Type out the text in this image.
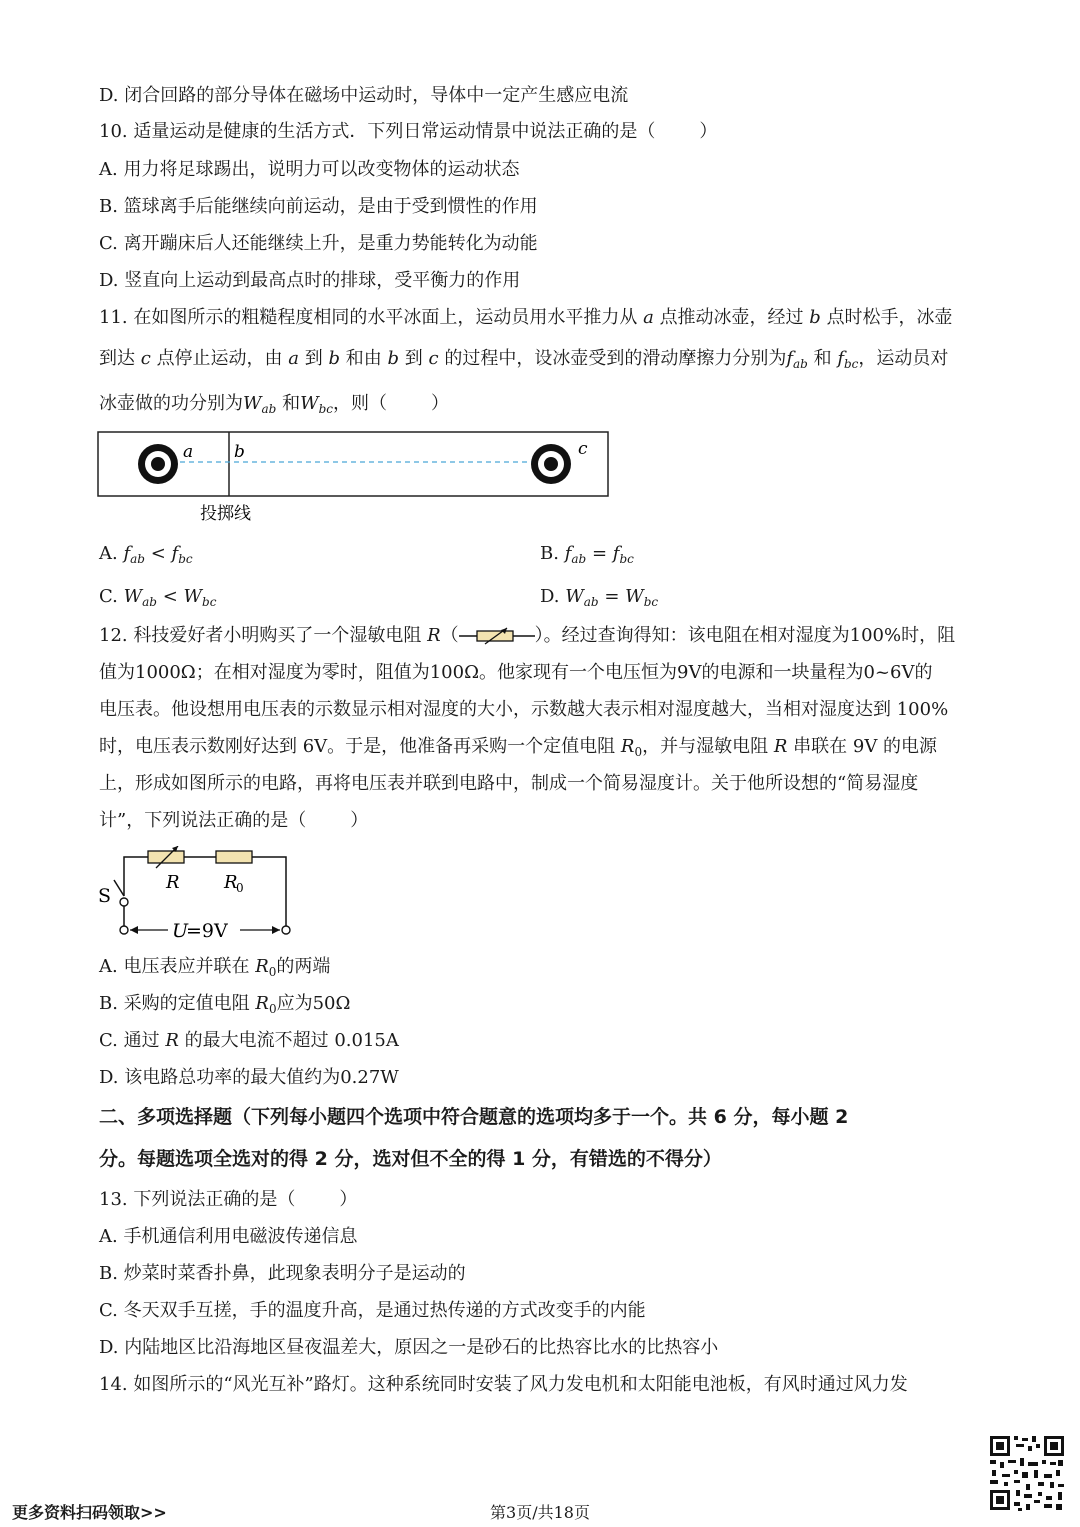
D. 闭合回路的部分导体在磁场中运动时，导体中一定产生感应电流
10. 适量运动是健康的生活方式．下列日常运动情景中说法正确的是（ ）
A. 用力将足球踢出，说明力可以改变物体的运动状态
B. 篮球离手后能继续向前运动，是由于受到惯性的作用
C. 离开蹦床后人还能继续上升，是重力势能转化为动能
D. 竖直向上运动到最高点时的排球，受平衡力的作用
11. 在如图所示的粗糙程度相同的水平冰面上，运动员用水平推力从 a 点推动冰壶，经过 b 点时松手，冰壶
到达 c 点停止运动，由 a 到 b 和由 b 到 c 的过程中，设冰壶受到的滑动摩擦力分别为$f_{ab}$ 和 $f_{bc}$，运动员对
冰壶做的功分别为$W_{ab}$ 和$W_{bc}$，则（ ）
a b	c
投掷线
A. $f_{ab} < f_{bc}$	B. $f_{ab} = f_{bc}$
C. $W_{ab} < W_{bc}$	D. $W_{ab} = W_{bc}$
12. 科技爱好者小明购买了一个湿敏电阻 R（	）。经过查询得知：该电阻在相对湿度为100%时，阻
值为1000Ω；在相对湿度为零时，阻值为100Ω。他家现有一个电压恒为9V的电源和一块量程为0~6V的
电压表。他设想用电压表的示数显示相对湿度的大小，示数越大表示相对湿度越大，当相对湿度达到 100%
时，电压表示数刚好达到 6V。于是，他准备再采购一个定值电阻 $R_0$，并与湿敏电阻 R 串联在 9V 的电源
上，形成如图所示的电路，再将电压表并联到电路中，制成一个简易湿度计。关于他所设想的“简易湿度
计”，下列说法正确的是（ ）
S
R R
0
U
=9V
A. 电压表应并联在 $R_0$的两端
B. 采购的定值电阻 $R_0$应为50Ω
C. 通过 R 的最大电流不超过 0.015A
D. 该电路总功率的最大值约为0.27W
二、多项选择题（下列每小题四个选项中符合题意的选项均多于一个。共 6 分，每小题 2
分。每题选项全选对的得 2 分，选对但不全的得 1 分，有错选的不得分）
13. 下列说法正确的是（ ）
A. 手机通信利用电磁波传递信息
B. 炒菜时菜香扑鼻，此现象表明分子是运动的
C. 冬天双手互搓，手的温度升高，是通过热传递的方式改变手的内能
D. 内陆地区比沿海地区昼夜温差大，原因之一是砂石的比热容比水的比热容小
14. 如图所示的“风光互补”路灯。这种系统同时安装了风力发电机和太阳能电池板，有风时通过风力发
更多资料扫码领取>>	第3页/共18页
